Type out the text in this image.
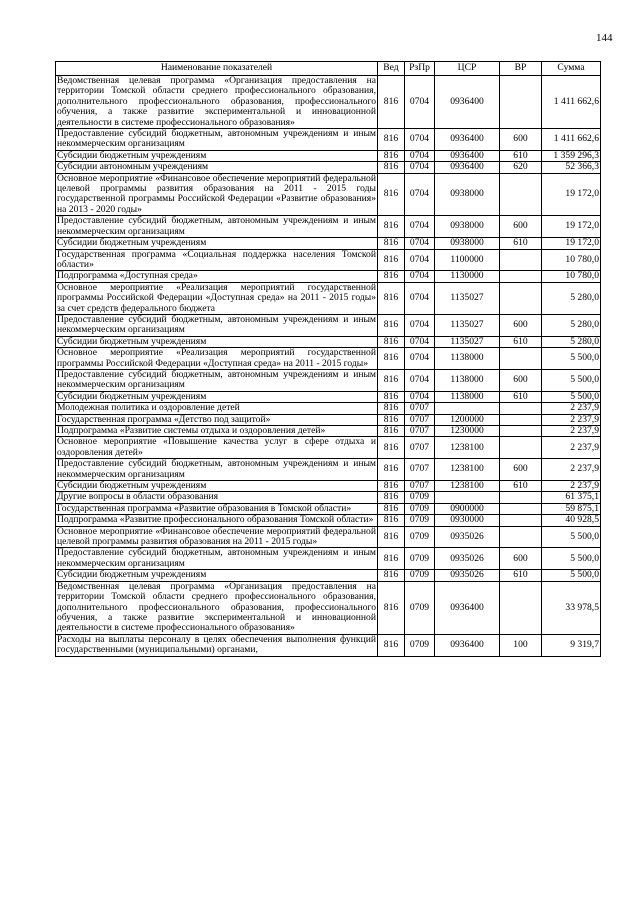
144
Наименование показателей	Вед	РзПр	ЦСР	ВР	Сумма
Ведомственная целевая программа «Организация предоставления на территории Томской области среднего профессионального образования, дополнительного профессионального образования, профессионального обучения, а также развитие экспериментальной и инновационной деятельности в системе профессионального образования»	816	0704	0936400		1 411 662,6
Предоставление субсидий бюджетным, автономным учреждениям и иным некоммерческим организациям	816	0704	0936400	600	1 411 662,6
Субсидии бюджетным учреждениям	816	0704	0936400	610	1 359 296,3
Субсидии автономным учреждениям	816	0704	0936400	620	52 366,3
Основное мероприятие «Финансовое обеспечение мероприятий федеральной целевой программы развития образования на 2011 - 2015 годы государственной программы Российской Федерации «Развитие образования» на 2013 - 2020 годы»	816	0704	0938000		19 172,0
Предоставление субсидий бюджетным, автономным учреждениям и иным некоммерческим организациям	816	0704	0938000	600	19 172,0
Субсидии бюджетным учреждениям	816	0704	0938000	610	19 172,0
Государственная программа «Социальная поддержка населения Томской области»	816	0704	1100000		10 780,0
Подпрограмма «Доступная среда»	816	0704	1130000		10 780,0
Основное мероприятие «Реализация мероприятий государственной программы Российской Федерации «Доступная среда» на 2011 - 2015 годы» за счет средств федерального бюджета	816	0704	1135027		5 280,0
Предоставление субсидий бюджетным, автономным учреждениям и иным некоммерческим организациям	816	0704	1135027	600	5 280,0
Субсидии бюджетным учреждениям	816	0704	1135027	610	5 280,0
Основное мероприятие «Реализация мероприятий государственной программы Российской Федерации «Доступная среда» на 2011 - 2015 годы»	816	0704	1138000		5 500,0
Предоставление субсидий бюджетным, автономным учреждениям и иным некоммерческим организациям	816	0704	1138000	600	5 500,0
Субсидии бюджетным учреждениям	816	0704	1138000	610	5 500,0
Молодежная политика и оздоровление детей	816	0707			2 237,9
Государственная программа «Детство под защитой»	816	0707	1200000		2 237,9
Подпрограмма «Развитие системы отдыха и оздоровления детей»	816	0707	1230000		2 237,9
Основное мероприятие «Повышение качества услуг в сфере отдыха и оздоровления детей»	816	0707	1238100		2 237,9
Предоставление субсидий бюджетным, автономным учреждениям и иным некоммерческим организациям	816	0707	1238100	600	2 237,9
Субсидии бюджетным учреждениям	816	0707	1238100	610	2 237,9
Другие вопросы в области образования	816	0709			61 375,1
Государственная программа «Развитие образования в Томской области»	816	0709	0900000		59 875,1
Подпрограмма «Развитие профессионального образования Томской области»	816	0709	0930000		40 928,5
Основное мероприятие «Финансовое обеспечение мероприятий федеральной целевой программы развития образования на 2011 - 2015 годы»	816	0709	0935026		5 500,0
Предоставление субсидий бюджетным, автономным учреждениям и иным некоммерческим организациям	816	0709	0935026	600	5 500,0
Субсидии бюджетным учреждениям	816	0709	0935026	610	5 500,0
Ведомственная целевая программа «Организация предоставления на территории Томской области среднего профессионального образования, дополнительного профессионального образования, профессионального обучения, а также развитие экспериментальной и инновационной деятельности в системе профессионального образования»	816	0709	0936400		33 978,5
Расходы на выплаты персоналу в целях обеспечения выполнения функций государственными (муниципальными) органами,	816	0709	0936400	100	9 319,7
